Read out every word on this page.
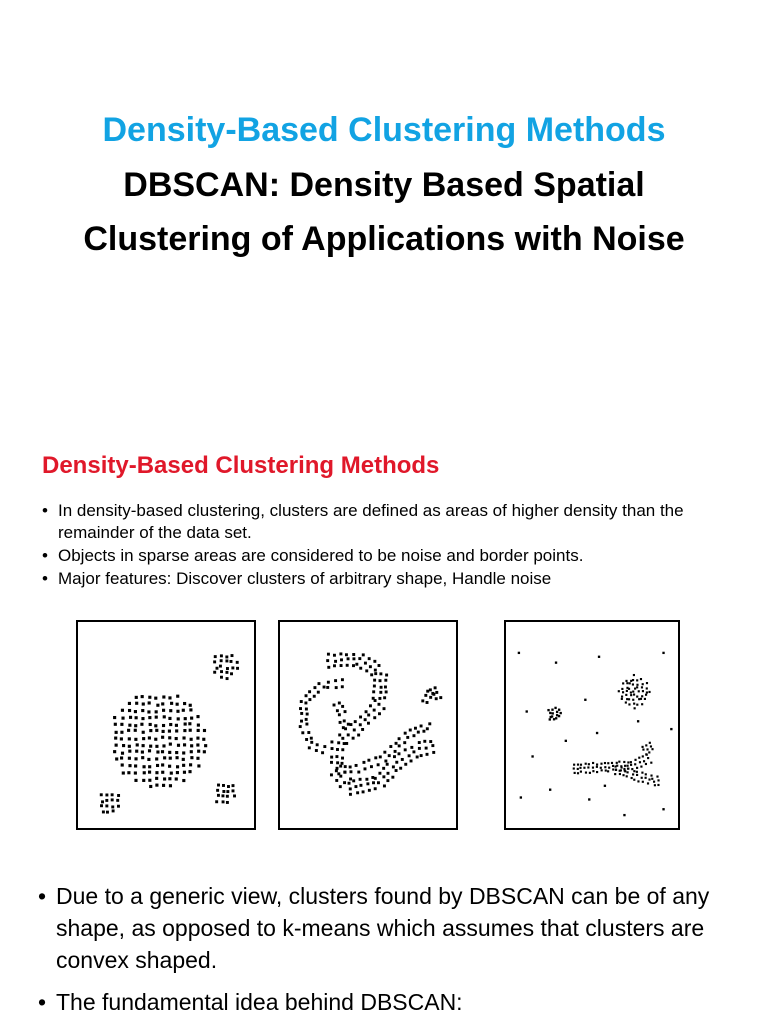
Density-Based Clustering Methods
DBSCAN: Density Based Spatial Clustering of Applications with Noise
Density-Based Clustering Methods
• In density-based clustering, clusters are defined as areas of higher density than the remainder of the data set.
• Objects in sparse areas are considered to be noise and border points.
• Major features: Discover clusters of arbitrary shape, Handle noise
• Due to a generic view, clusters found by DBSCAN can be of any shape, as opposed to k-means which assumes that clusters are convex shaped.
• The fundamental idea behind DBSCAN:
